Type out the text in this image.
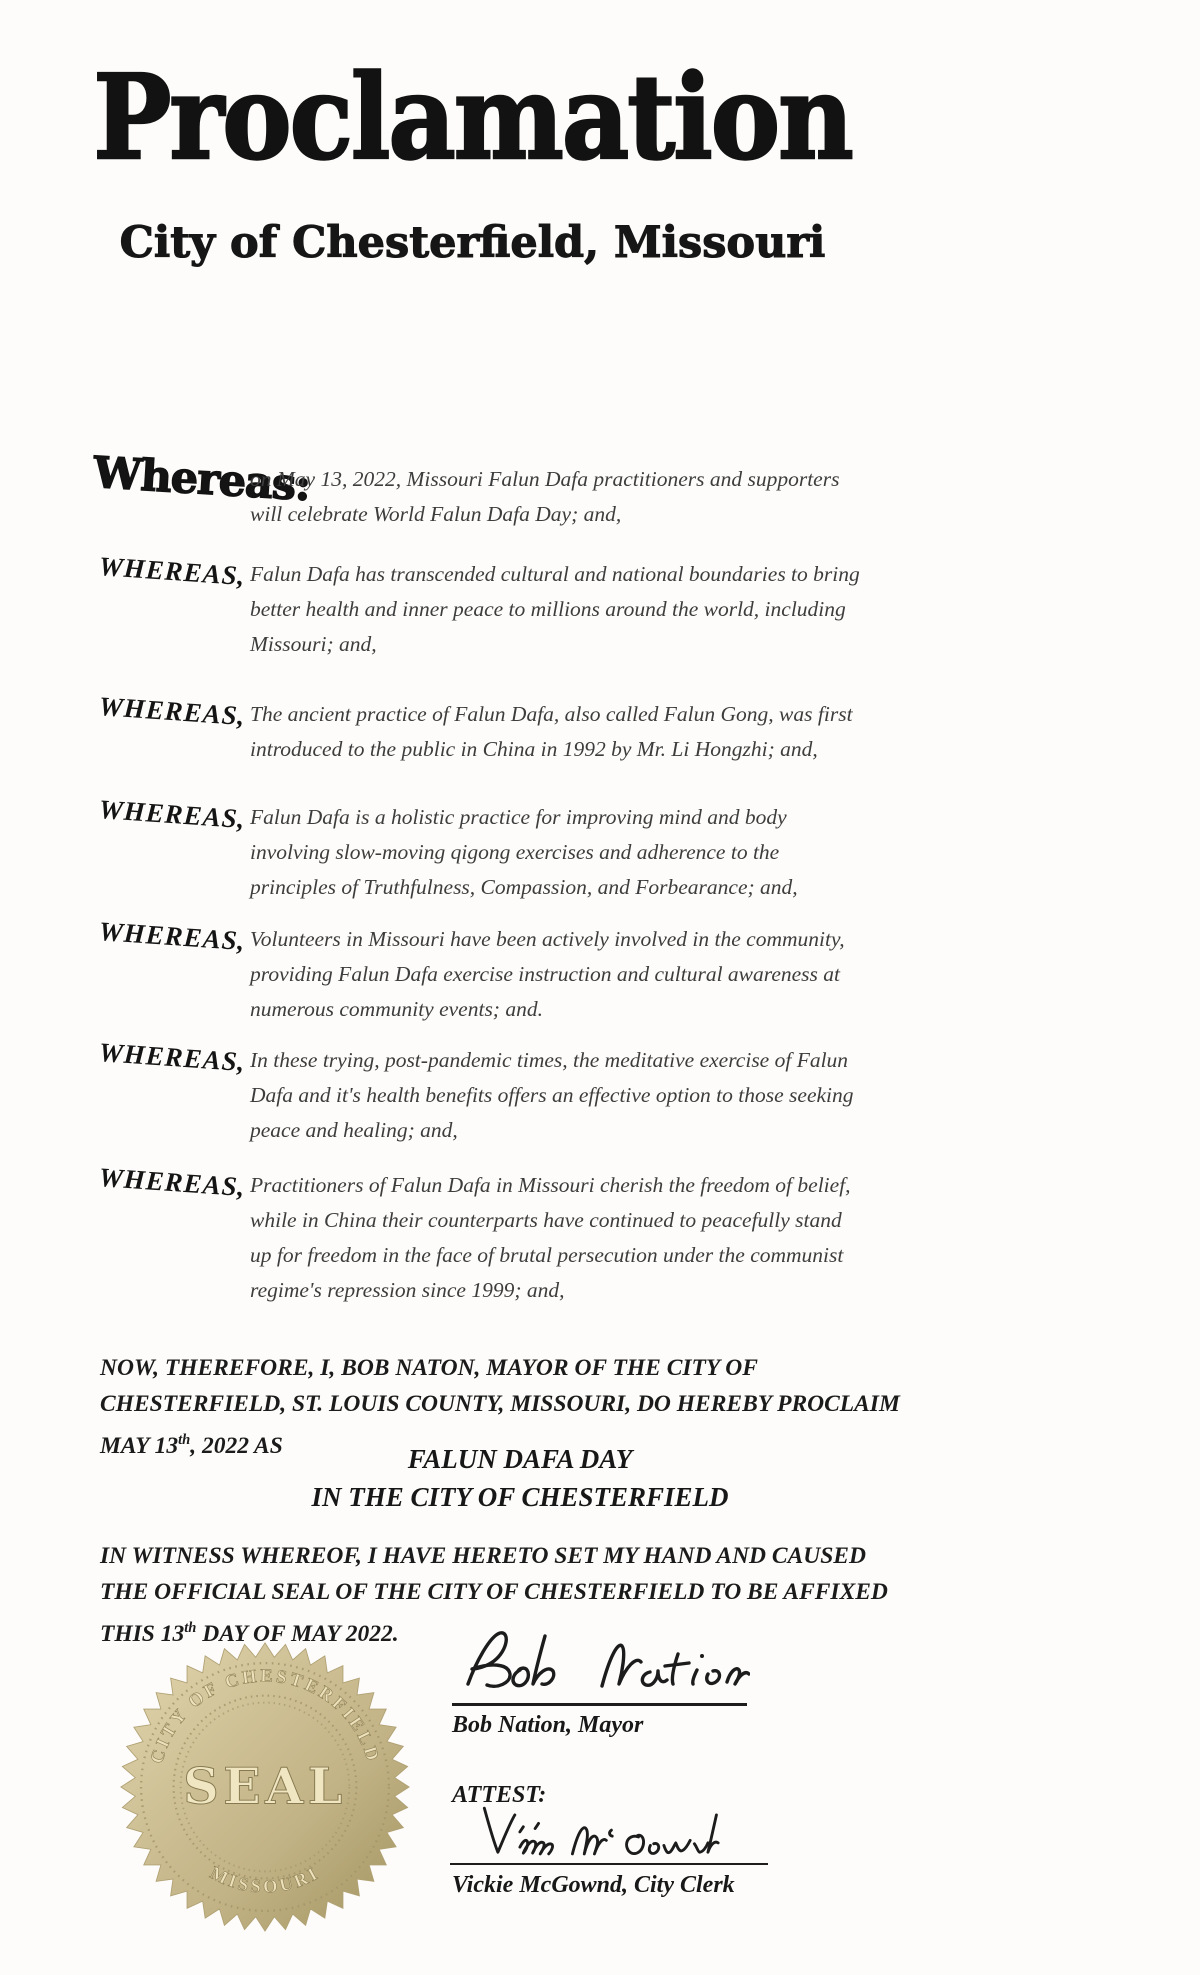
Proclamation
City of Chesterfield, Missouri
Whereas:
on May 13, 2022, Missouri Falun Dafa practitioners and supporters will celebrate World Falun Dafa Day; and,
WHEREAS, Falun Dafa has transcended cultural and national boundaries to bring better health and inner peace to millions around the world, including Missouri; and,
WHEREAS, The ancient practice of Falun Dafa, also called Falun Gong, was first introduced to the public in China in 1992 by Mr. Li Hongzhi; and,
WHEREAS, Falun Dafa is a holistic practice for improving mind and body involving slow-moving qigong exercises and adherence to the principles of Truthfulness, Compassion, and Forbearance; and,
WHEREAS, Volunteers in Missouri have been actively involved in the community, providing Falun Dafa exercise instruction and cultural awareness at numerous community events; and.
WHEREAS, In these trying, post-pandemic times, the meditative exercise of Falun Dafa and it's health benefits offers an effective option to those seeking peace and healing; and,
WHEREAS, Practitioners of Falun Dafa in Missouri cherish the freedom of belief, while in China their counterparts have continued to peacefully stand up for freedom in the face of brutal persecution under the communist regime's repression since 1999; and,
NOW, THEREFORE, I, BOB NATON, MAYOR OF THE CITY OF CHESTERFIELD, ST. LOUIS COUNTY, MISSOURI, DO HEREBY PROCLAIM MAY 13th, 2022 AS	FALUN DAFA DAY
IN THE CITY OF CHESTERFIELD
IN WITNESS WHEREOF, I HAVE HERETO SET MY HAND AND CAUSED THE OFFICIAL SEAL OF THE CITY OF CHESTERFIELD TO BE AFFIXED THIS 13th DAY OF MAY 2022.
CITY OF CHESTERFIELD
MISSOURI
SEAL
Bob Nation, Mayor
ATTEST:
Vickie McGownd, City Clerk
